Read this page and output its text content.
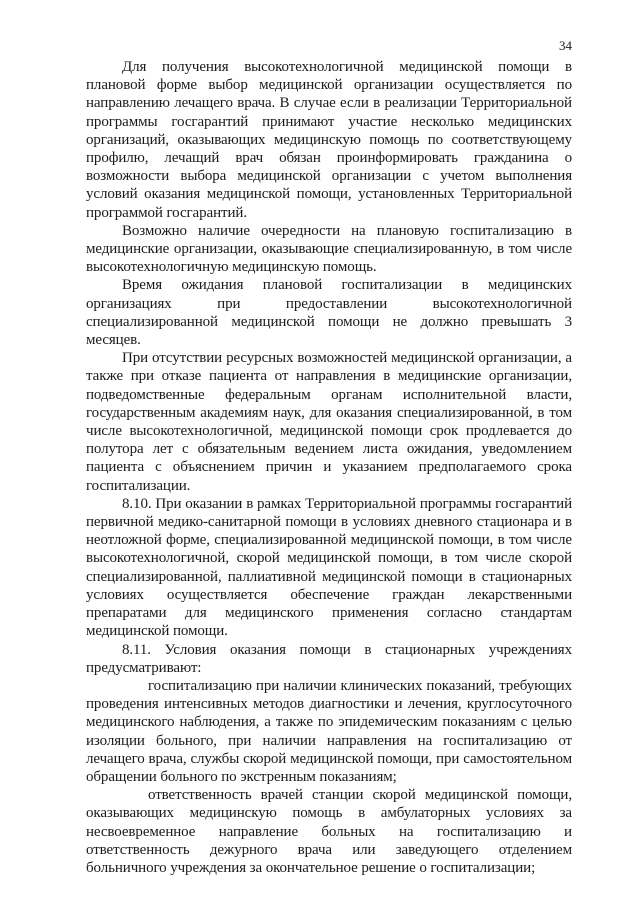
34

Для получения высокотехнологичной медицинской помощи в плановой форме выбор медицинской организации осуществляется по направлению лечащего врача. В случае если в реализации Территориальной программы госгарантий принимают участие несколько медицинских организаций, оказывающих медицинскую помощь по соответствующему профилю, лечащий врач обязан проинформировать гражданина о возможности выбора медицинской организации с учетом выполнения условий оказания медицинской помощи, установленных Территориальной программой госгарантий.

Возможно наличие очередности на плановую госпитализацию в медицинские организации, оказывающие специализированную, в том числе высокотехнологичную медицинскую помощь.

Время ожидания плановой госпитализации в медицинских организациях при предоставлении высокотехнологичной специализированной медицинской помощи не должно превышать 3 месяцев.

При отсутствии ресурсных возможностей медицинской организации, а также при отказе пациента от направления в медицинские организации, подведомственные федеральным органам исполнительной власти, государственным академиям наук, для оказания специализированной, в том числе высокотехнологичной, медицинской помощи срок продлевается до полутора лет с обязательным ведением листа ожидания, уведомлением пациента с объяснением причин и указанием предполагаемого срока госпитализации.

8.10. При оказании в рамках Территориальной программы госгарантий первичной медико-санитарной помощи в условиях дневного стационара и в неотложной форме, специализированной медицинской помощи, в том числе высокотехнологичной, скорой медицинской помощи, в том числе скорой специализированной, паллиативной медицинской помощи в стационарных условиях осуществляется обеспечение граждан лекарственными препаратами для медицинского применения согласно стандартам медицинской помощи.

8.11. Условия оказания помощи в стационарных учреждениях предусматривают:

госпитализацию при наличии клинических показаний, требующих проведения интенсивных методов диагностики и лечения, круглосуточного медицинского наблюдения, а также по эпидемическим показаниям с целью изоляции больного, при наличии направления на госпитализацию от лечащего врача, службы скорой медицинской помощи, при самостоятельном обращении больного по экстренным показаниям;

ответственность врачей станции скорой медицинской помощи, оказывающих медицинскую помощь в амбулаторных условиях за несвоевременное направление больных на госпитализацию и ответственность дежурного врача или заведующего отделением больничного учреждения за окончательное решение о госпитализации;
